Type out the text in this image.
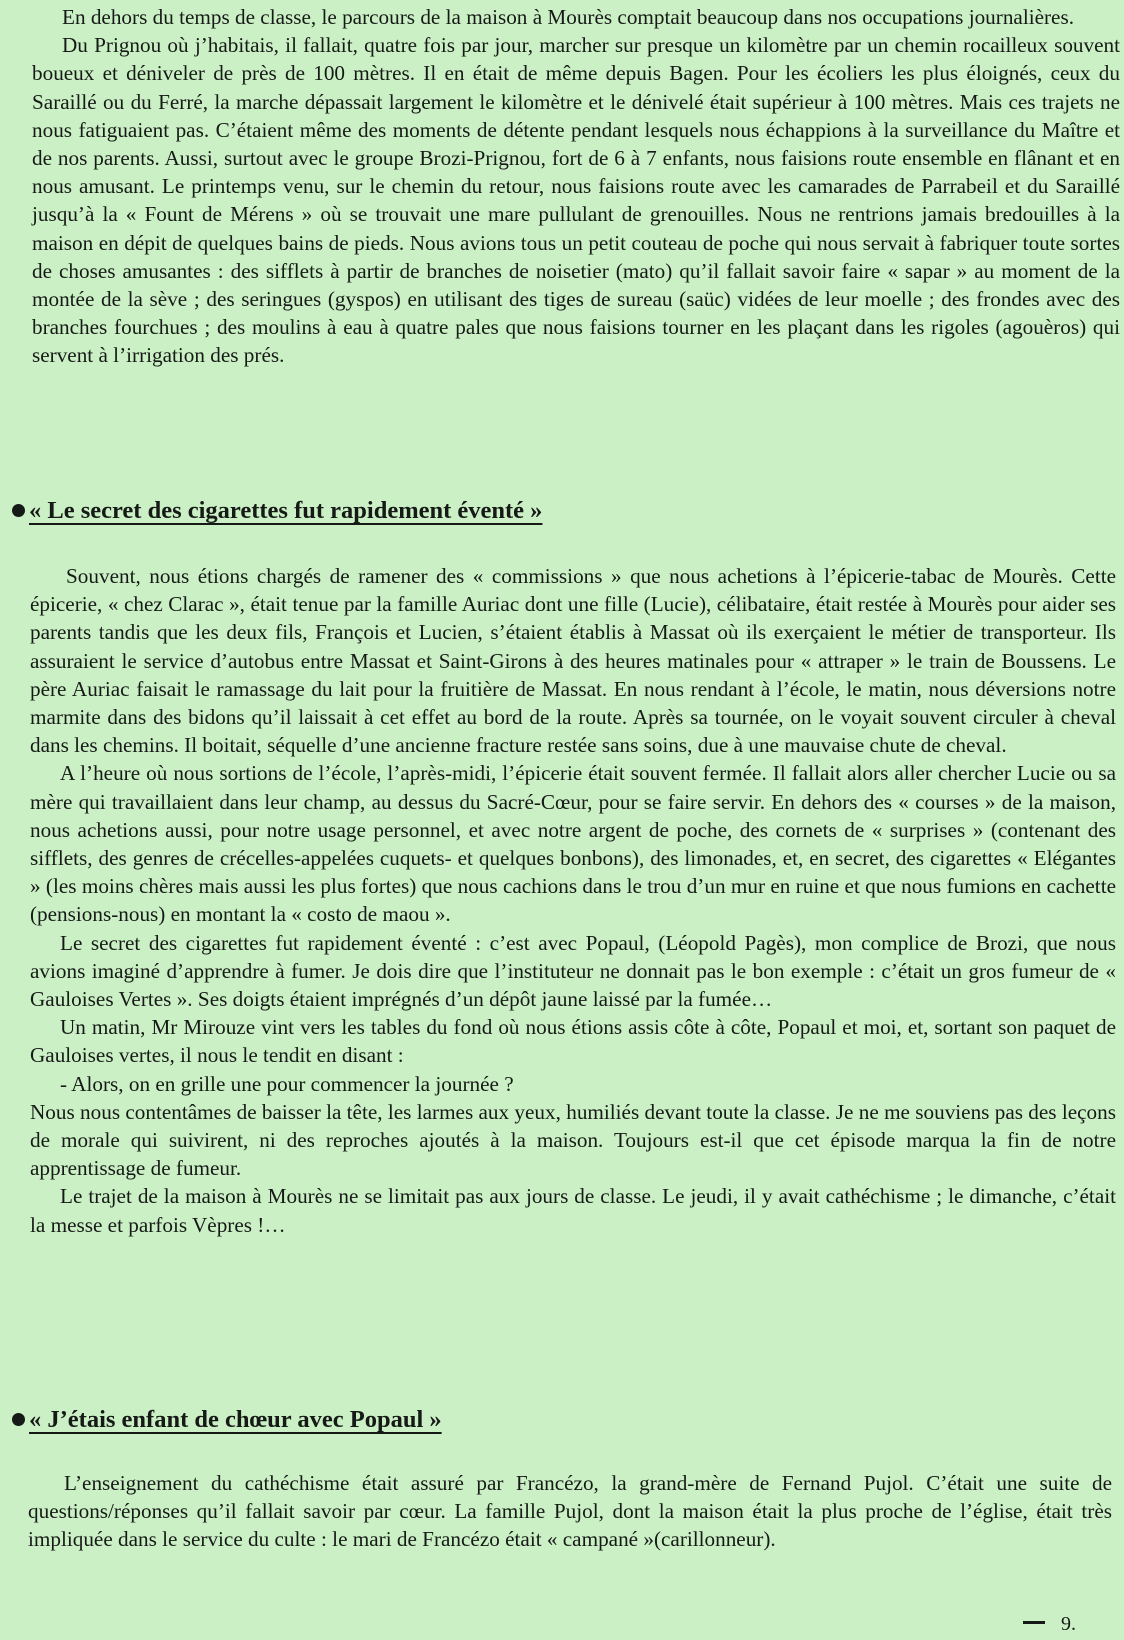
En dehors du temps de classe, le parcours de la maison à Mourès comptait beaucoup dans nos occupations journalières.

Du Prignou où j’habitais, il fallait, quatre fois par jour, marcher sur presque un kilomètre par un chemin rocailleux souvent boueux et déniveler de près de 100 mètres. Il en était de même depuis Bagen. Pour les écoliers les plus éloignés, ceux du Saraillé ou du Ferré, la marche dépassait largement le kilomètre et le dénivelé était supérieur à 100 mètres. Mais ces trajets ne nous fatiguaient pas. C’étaient même des moments de détente pendant lesquels nous échappions à la surveillance du Maître et de nos parents. Aussi, surtout avec le groupe Brozi-Prignou, fort de 6 à 7 enfants, nous faisions route ensemble en flânant et en nous amusant. Le printemps venu, sur le chemin du retour, nous faisions route avec les camarades de Parrabeil et du Saraillé jusqu’à la « Fount de Mérens » où se trouvait une mare pullulant de grenouilles. Nous ne rentrions jamais bredouilles à la maison en dépit de quelques bains de pieds. Nous avions tous un petit couteau de poche qui nous servait à fabriquer toute sortes de choses amusantes : des sifflets à partir de branches de noisetier (mato) qu’il fallait savoir faire « sapar » au moment de la montée de la sève ; des seringues (gyspos) en utilisant des tiges de sureau (saüc) vidées de leur moelle ; des frondes avec des branches fourchues ; des moulins à eau à quatre pales que nous faisions tourner en les plaçant dans les rigoles (agouèros) qui servent à l’irrigation des prés.

« Le secret des cigarettes fut rapidement éventé »

Souvent, nous étions chargés de ramener des « commissions » que nous achetions à l’épicerie-tabac de Mourès. Cette épicerie, « chez Clarac », était tenue par la famille Auriac dont une fille (Lucie), célibataire, était restée à Mourès pour aider ses parents tandis que les deux fils, François et Lucien, s’étaient établis à Massat où ils exerçaient le métier de transporteur. Ils assuraient le service d’autobus entre Massat et Saint-Girons à des heures matinales pour « attraper » le train de Boussens. Le père Auriac faisait le ramassage du lait pour la fruitière de Massat. En nous rendant à l’école, le matin, nous déversions notre marmite dans des bidons qu’il laissait à cet effet au bord de la route. Après sa tournée, on le voyait souvent circuler à cheval dans les chemins. Il boitait, séquelle d’une ancienne fracture restée sans soins, due à une mauvaise chute de cheval.

A l’heure où nous sortions de l’école, l’après-midi, l’épicerie était souvent fermée. Il fallait alors aller chercher Lucie ou sa mère qui travaillaient dans leur champ, au dessus du Sacré-Cœur, pour se faire servir. En dehors des « courses » de la maison, nous achetions aussi, pour notre usage personnel, et avec notre argent de poche, des cornets de « surprises » (contenant des sifflets, des genres de crécelles-appelées cuquets- et quelques bonbons), des limonades, et, en secret, des cigarettes « Elégantes » (les moins chères mais aussi les plus fortes) que nous cachions dans le trou d’un mur en ruine et que nous fumions en cachette (pensions-nous) en montant la « costo de maou ».

Le secret des cigarettes fut rapidement éventé : c’est avec Popaul, (Léopold Pagès), mon complice de Brozi, que nous avions imaginé d’apprendre à fumer. Je dois dire que l’instituteur ne donnait pas le bon exemple : c’était un gros fumeur de « Gauloises Vertes ». Ses doigts étaient imprégnés d’un dépôt jaune laissé par la fumée…

Un matin, Mr Mirouze vint vers les tables du fond où nous étions assis côte à côte, Popaul et moi, et, sortant son paquet de Gauloises vertes, il nous le tendit en disant :

- Alors, on en grille une pour commencer la journée ?

Nous nous contentâmes de baisser la tête, les larmes aux yeux, humiliés devant toute la classe. Je ne me souviens pas des leçons de morale qui suivirent, ni des reproches ajoutés à la maison. Toujours est-il que cet épisode marqua la fin de notre apprentissage de fumeur.

Le trajet de la maison à Mourès ne se limitait pas aux jours de classe. Le jeudi, il y avait cathéchisme ; le dimanche, c’était la messe et parfois Vèpres !…

« J’étais enfant de chœur avec Popaul »

L’enseignement du cathéchisme était assuré par Francézo, la grand-mère de Fernand Pujol. C’était une suite de questions/réponses qu’il fallait savoir par cœur. La famille Pujol, dont la maison était la plus proche de l’église, était très impliquée dans le service du culte : le mari de Francézo était « campané »(carillonneur).

9.
